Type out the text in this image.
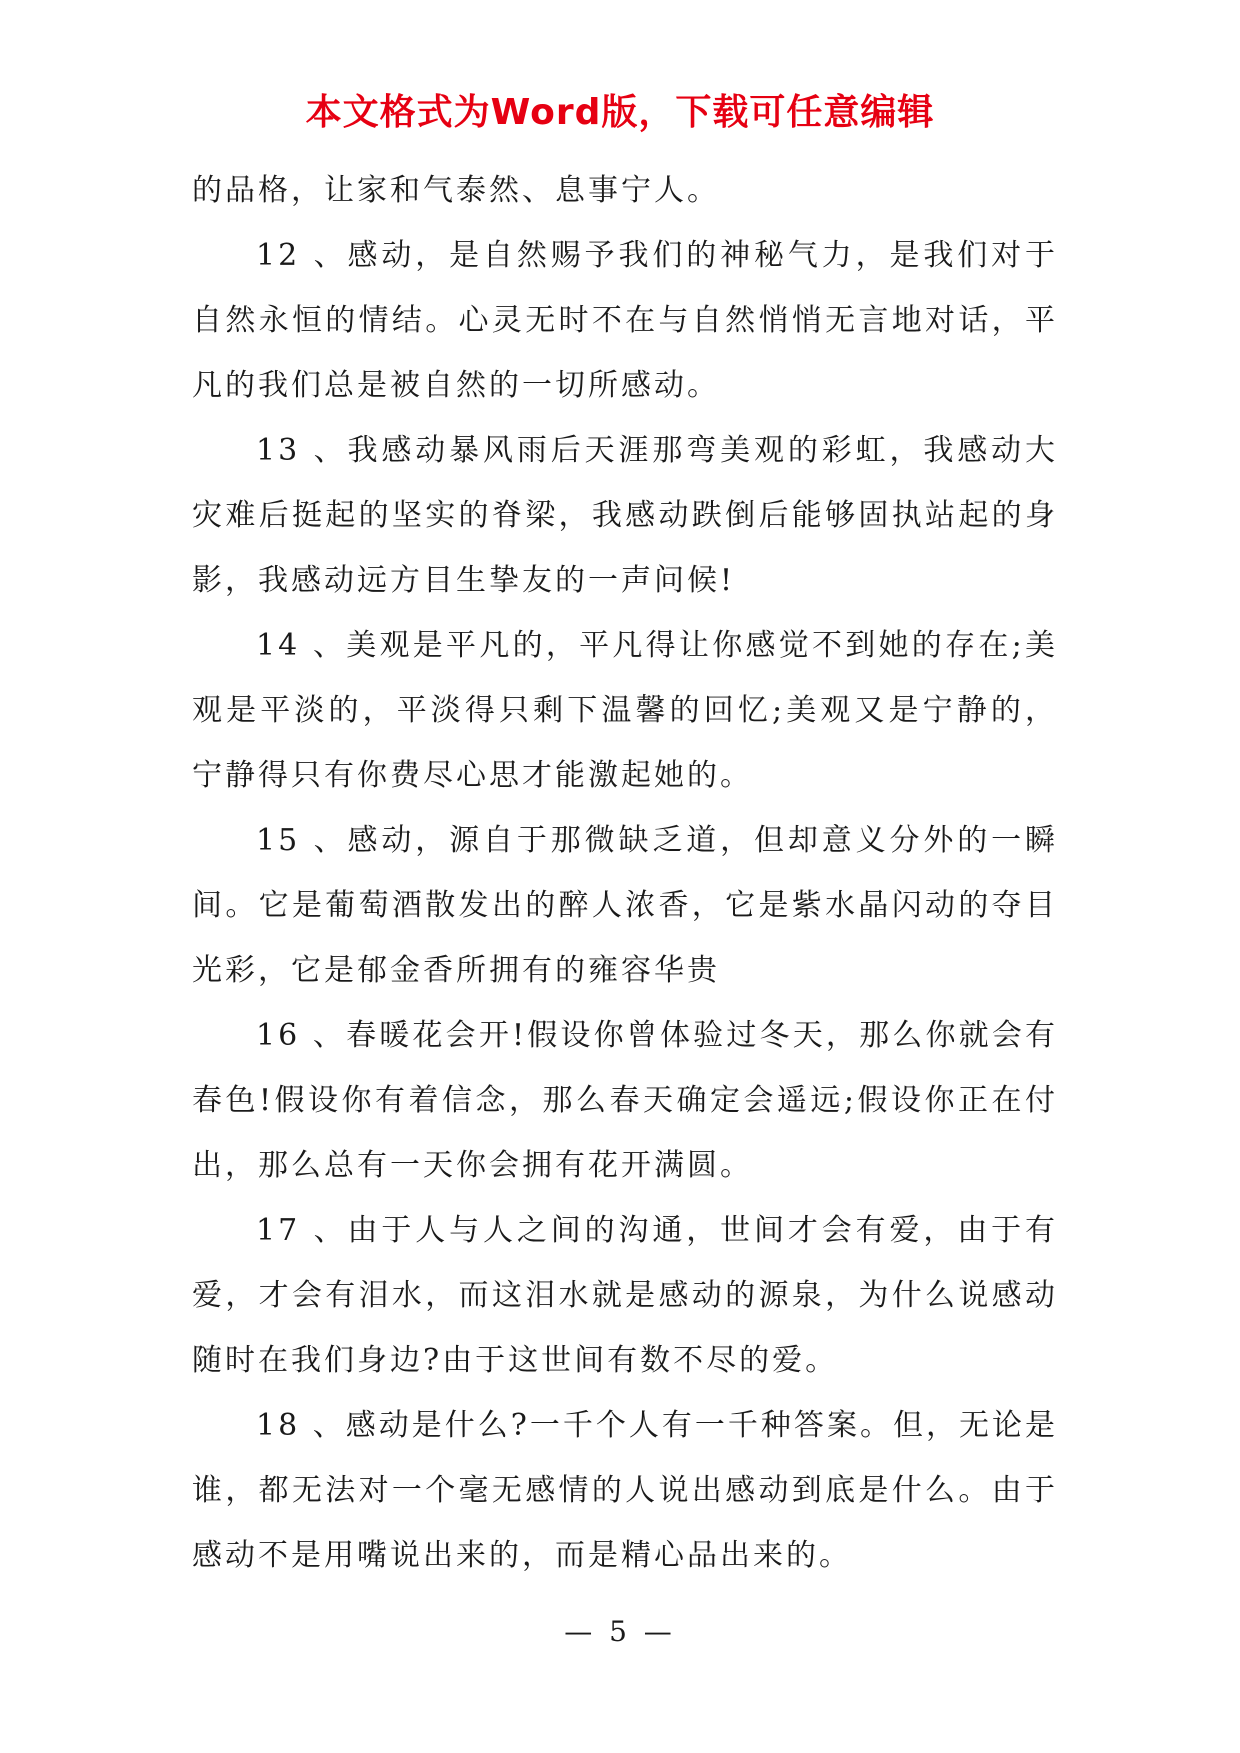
本文格式为Word版，下载可任意编辑

的品格，让家和气泰然、息事宁人。

12 、感动，是自然赐予我们的神秘气力，是我们对于自然永恒的情结。心灵无时不在与自然悄悄无言地对话，平凡的我们总是被自然的一切所感动。

13 、我感动暴风雨后天涯那弯美观的彩虹，我感动大灾难后挺起的坚实的脊梁，我感动跌倒后能够固执站起的身影，我感动远方目生挚友的一声问候!

14 、美观是平凡的，平凡得让你感觉不到她的存在;美观是平淡的，平淡得只剩下温馨的回忆;美观又是宁静的，宁静得只有你费尽心思才能激起她的。

15 、感动，源自于那微缺乏道，但却意义分外的一瞬间。它是葡萄酒散发出的醉人浓香，它是紫水晶闪动的夺目光彩，它是郁金香所拥有的雍容华贵

16 、春暖花会开!假设你曾体验过冬天，那么你就会有春色!假设你有着信念，那么春天确定会遥远;假设你正在付出，那么总有一天你会拥有花开满圆。

17 、由于人与人之间的沟通，世间才会有爱，由于有爱，才会有泪水，而这泪水就是感动的源泉，为什么说感动随时在我们身边?由于这世间有数不尽的爱。

18 、感动是什么?一千个人有一千种答案。但，无论是谁，都无法对一个毫无感情的人说出感动到底是什么。由于感动不是用嘴说出来的，而是精心品出来的。

— 5 —
